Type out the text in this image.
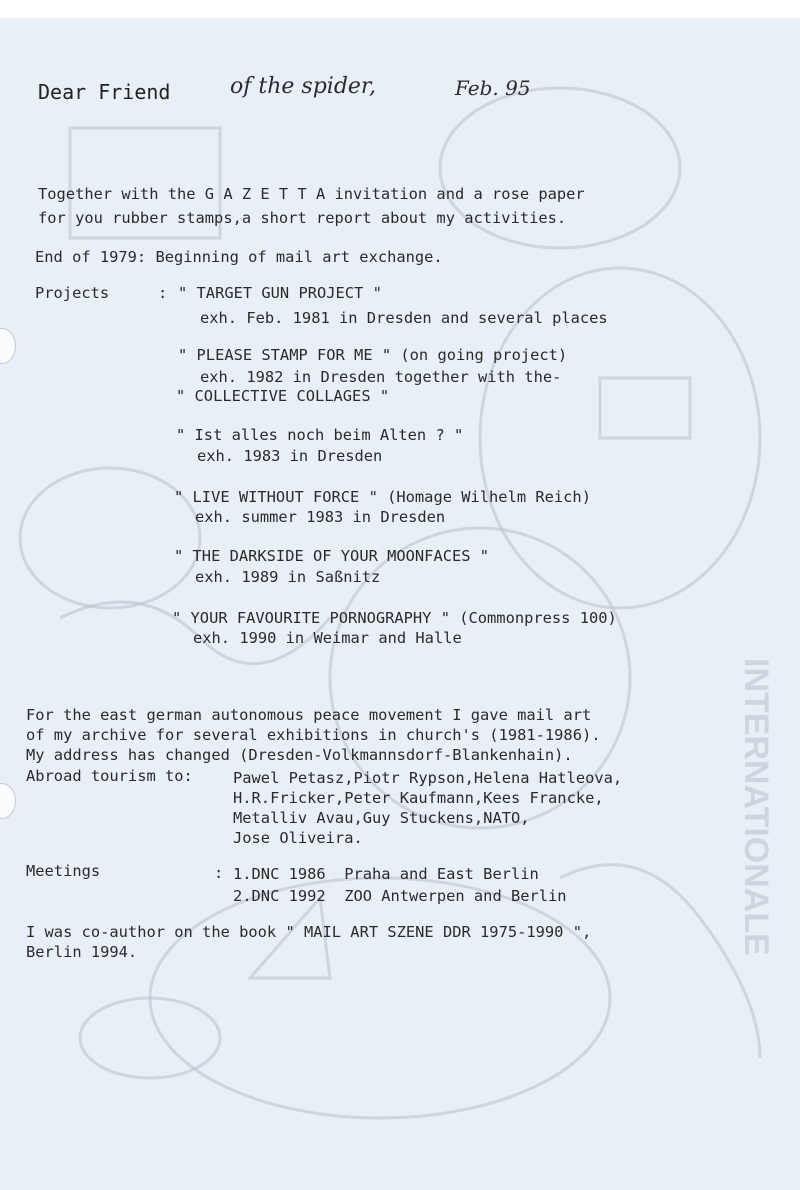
INTERNATIONALE
Dear Friend	of the spider,	Feb. 95
Together with the G A Z E T T A invitation and a rose paper
for you rubber stamps,a short report about my activities.
End of 1979: Beginning of mail art exchange.
Projects	: " TARGET GUN PROJECT "
exh. Feb. 1981 in Dresden and several places
" PLEASE STAMP FOR ME " (on going project)
exh. 1982 in Dresden together with the-
" COLLECTIVE COLLAGES "
" Ist alles noch beim Alten ? "
exh. 1983 in Dresden
" LIVE WITHOUT FORCE " (Homage Wilhelm Reich)
exh. summer 1983 in Dresden
" THE DARKSIDE OF YOUR MOONFACES "
exh. 1989 in Saßnitz
" YOUR FAVOURITE PORNOGRAPHY " (Commonpress 100)
exh. 1990 in Weimar and Halle
For the east german autonomous peace movement I gave mail art
of my archive for several exhibitions in church's (1981-1986).
My address has changed (Dresden-Volkmannsdorf-Blankenhain).
Abroad tourism to:	Pawel Petasz,Piotr Rypson,Helena Hatleova,
H.R.Fricker,Peter Kaufmann,Kees Francke,
Metalliv Avau,Guy Stuckens,NATO,
Jose Oliveira.
Meetings	: 1.DNC 1986  Praha and East Berlin
2.DNC 1992  ZOO Antwerpen and Berlin
I was co-author on the book " MAIL ART SZENE DDR 1975-1990 ",
Berlin 1994.
